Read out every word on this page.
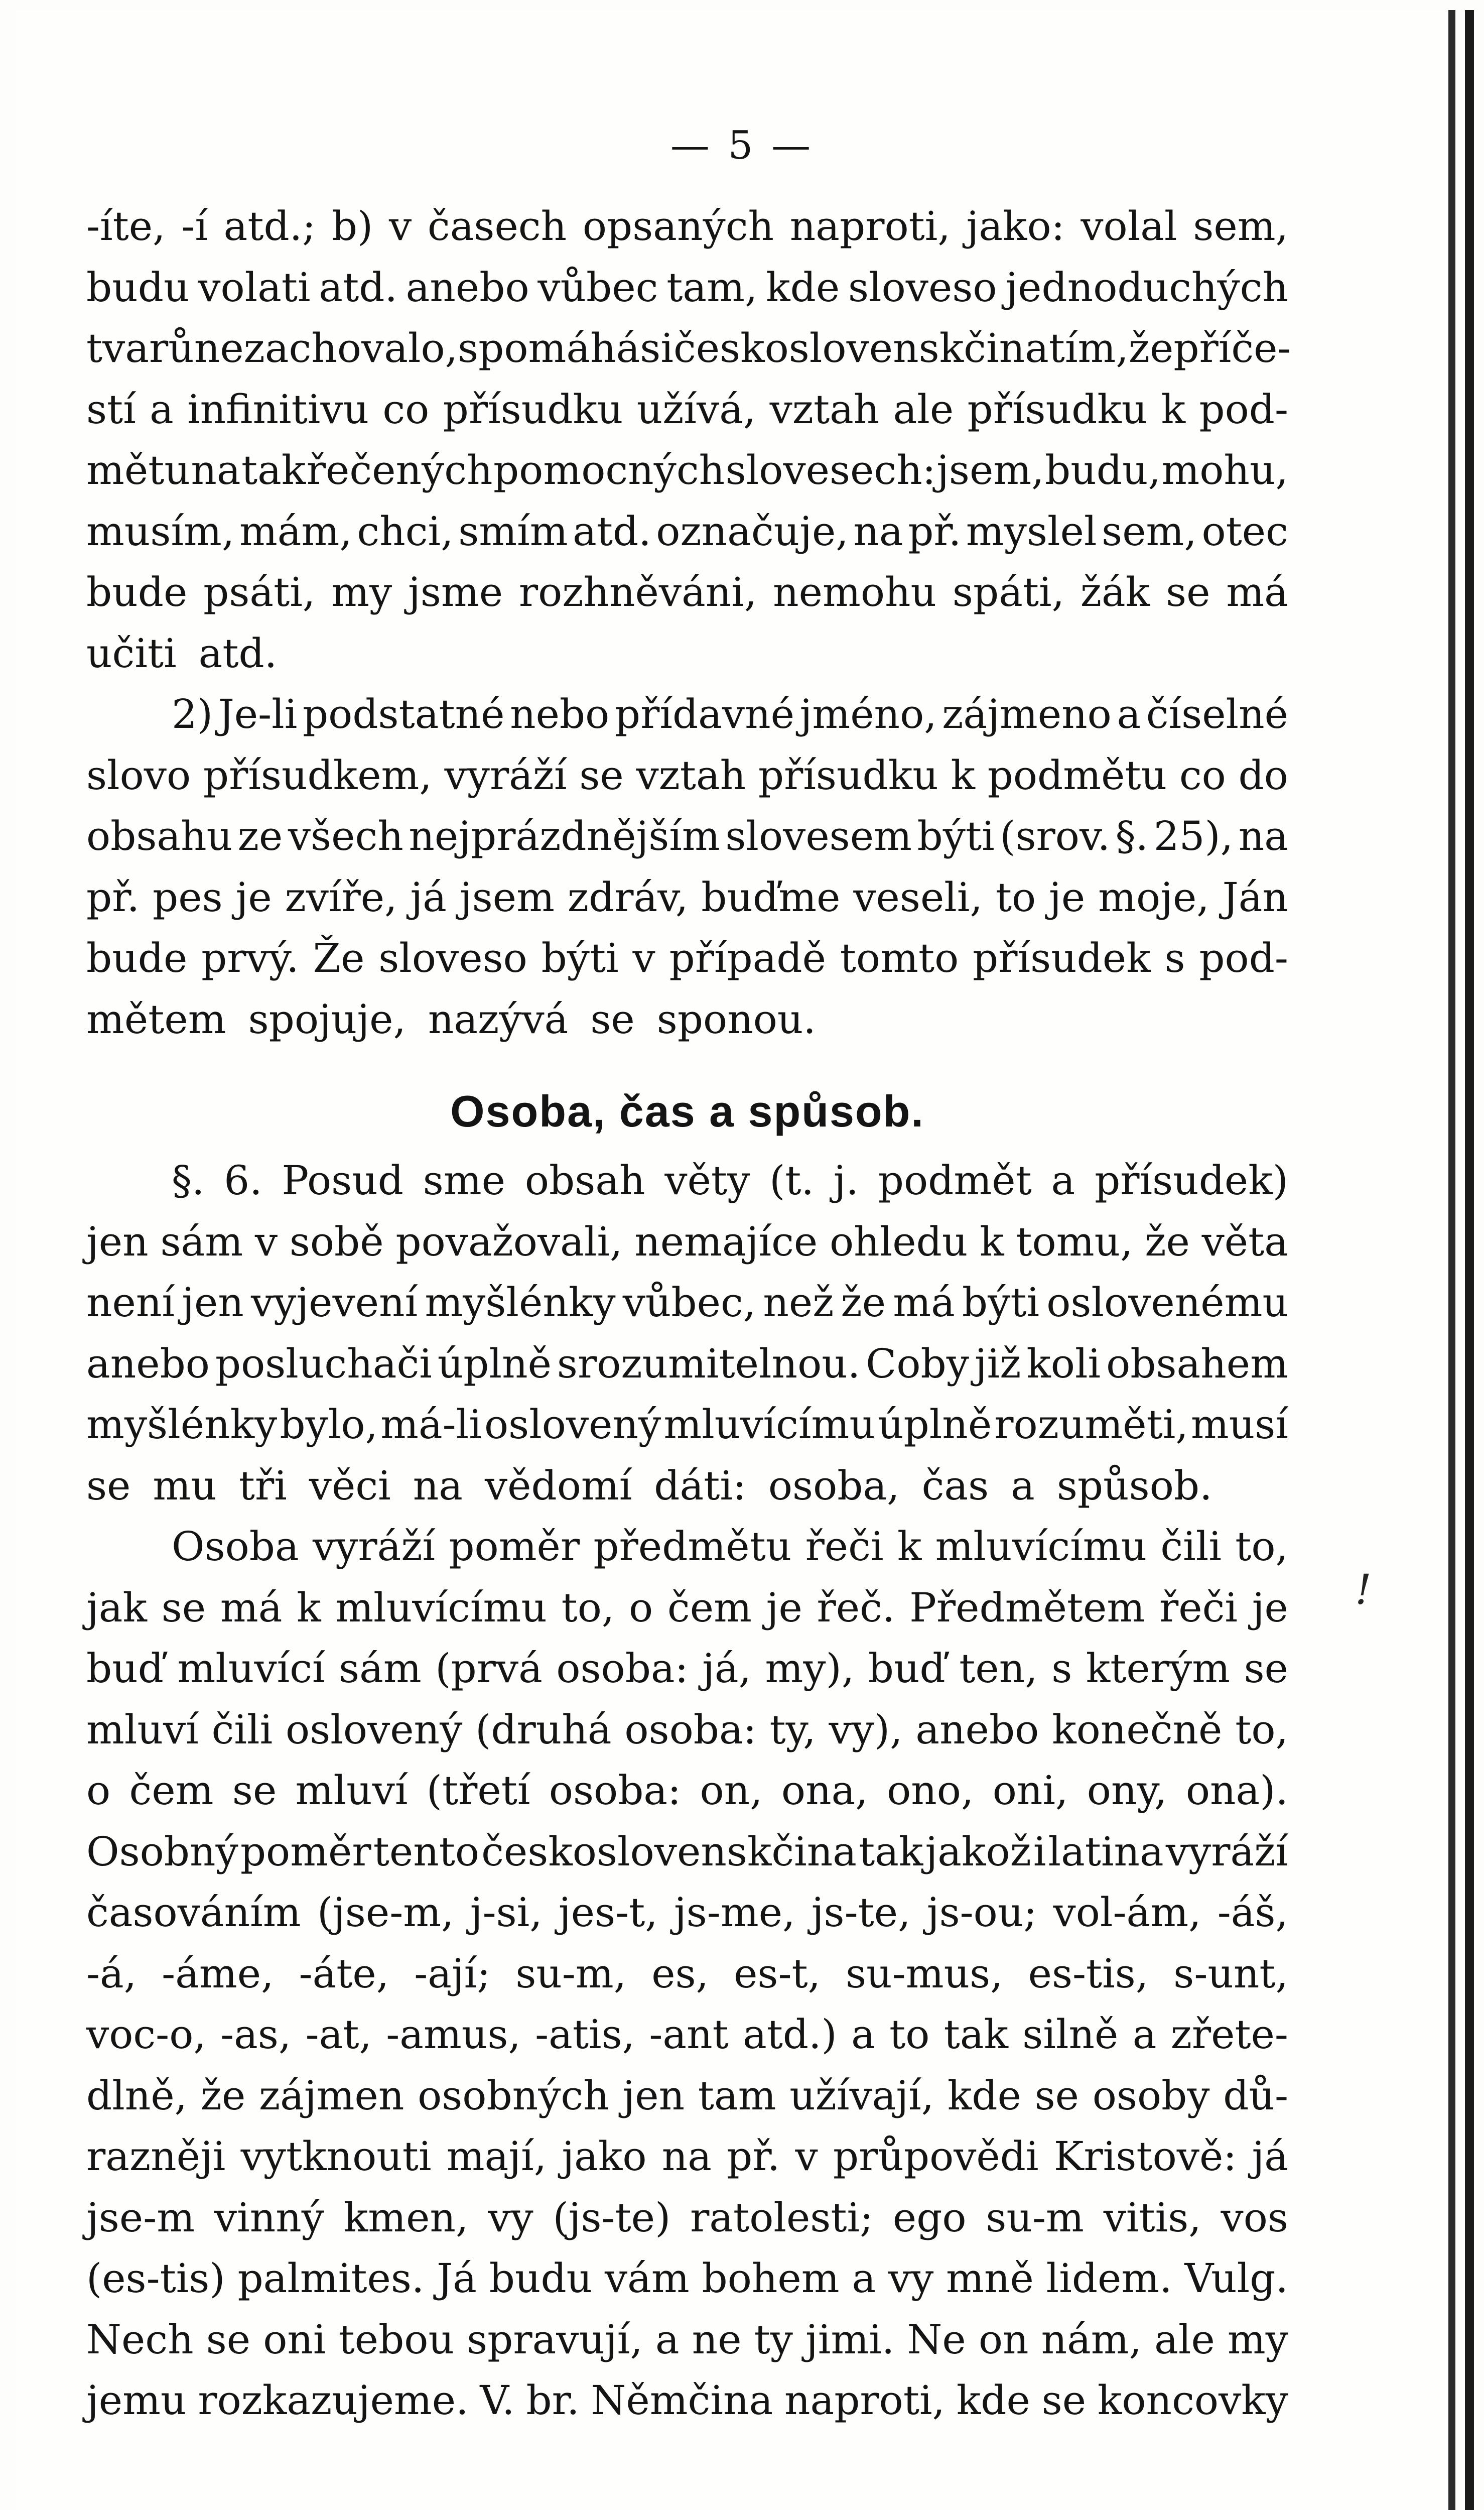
— 5 —
-íte, -í atd.; b) v časech opsaných naproti, jako: volal sem,
budu volati atd. anebo vůbec tam, kde sloveso jednoduchých
tvarů nezachovalo, spomáhá si československčina tím, že příče-
stí a infinitivu co přísudku užívá, vztah ale přísudku k pod-
mětu na tak řečených pomocných slovesech: jsem, budu, mohu,
musím, mám, chci, smím atd. označuje, na př. myslel sem, otec
bude psáti, my jsme rozhněváni, nemohu spáti, žák se má
učiti atd.
2) Je-li podstatné nebo přídavné jméno, zájmeno a číselné
slovo přísudkem, vyráží se vztah přísudku k podmětu co do
obsahu ze všech nejprázdnějším slovesem býti (srov. §. 25), na
př. pes je zvíře, já jsem zdráv, buďme veseli, to je moje, Ján
bude prvý. Že sloveso býti v případě tomto přísudek s pod-
mětem spojuje, nazývá se sponou.
Osoba, čas a spůsob.
§. 6. Posud sme obsah věty (t. j. podmět a přísudek)
jen sám v sobě považovali, nemajíce ohledu k tomu, že věta
není jen vyjevení myšlénky vůbec, než že má býti oslovenému
anebo posluchači úplně srozumitelnou. Coby již koli obsahem
myšlénky bylo, má-li oslovený mluvícímu úplně rozuměti, musí
se mu tři věci na vědomí dáti: osoba, čas a spůsob.
Osoba vyráží poměr předmětu řeči k mluvícímu čili to,
jak se má k mluvícímu to, o čem je řeč. Předmětem řeči je
buď mluvící sám (prvá osoba: já, my), buď ten, s kterým se
mluví čili oslovený (druhá osoba: ty, vy), anebo konečně to,
o čem se mluví (třetí osoba: on, ona, ono, oni, ony, ona).
Osobný poměr tento československčina tak jakož i latina vyráží
časováním (jse-m, j-si, jes-t, js-me, js-te, js-ou; vol-ám, -áš,
-á, -áme, -áte, -ají; su-m, es, es-t, su-mus, es-tis, s-unt,
voc-o, -as, -at, -amus, -atis, -ant atd.) a to tak silně a zřete-
dlně, že zájmen osobných jen tam užívají, kde se osoby dů-
razněji vytknouti mají, jako na př. v průpovědi Kristově: já
jse-m vinný kmen, vy (js-te) ratolesti; ego su-m vitis, vos
(es-tis) palmites. Já budu vám bohem a vy mně lidem. Vulg.
Nech se oni tebou spravují, a ne ty jimi. Ne on nám, ale my
jemu rozkazujeme. V. br. Němčina naproti, kde se koncovky
!
